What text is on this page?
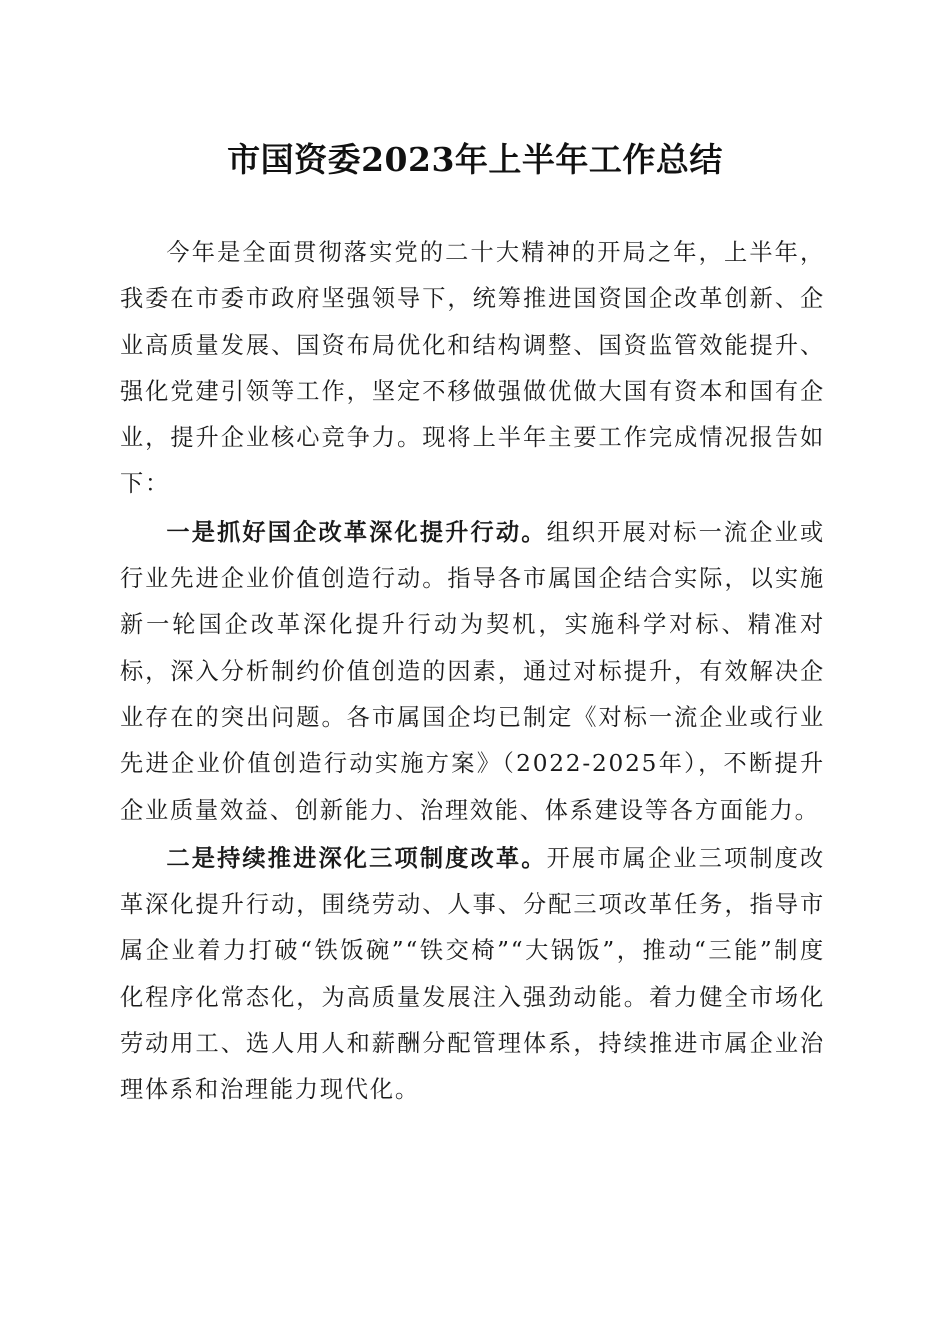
市国资委2023年上半年工作总结

今年是全面贯彻落实党的二十大精神的开局之年，上半年，我委在市委市政府坚强领导下，统筹推进国资国企改革创新、企业高质量发展、国资布局优化和结构调整、国资监管效能提升、强化党建引领等工作，坚定不移做强做优做大国有资本和国有企业，提升企业核心竞争力。现将上半年主要工作完成情况报告如下：

一是抓好国企改革深化提升行动。组织开展对标一流企业或行业先进企业价值创造行动。指导各市属国企结合实际，以实施新一轮国企改革深化提升行动为契机，实施科学对标、精准对标，深入分析制约价值创造的因素，通过对标提升，有效解决企业存在的突出问题。各市属国企均已制定《对标一流企业或行业先进企业价值创造行动实施方案》（2022-2025年），不断提升企业质量效益、创新能力、治理效能、体系建设等各方面能力。

二是持续推进深化三项制度改革。开展市属企业三项制度改革深化提升行动，围绕劳动、人事、分配三项改革任务，指导市属企业着力打破“铁饭碗”“铁交椅”“大锅饭”，推动“三能”制度化程序化常态化，为高质量发展注入强劲动能。着力健全市场化劳动用工、选人用人和薪酬分配管理体系，持续推进市属企业治理体系和治理能力现代化。
